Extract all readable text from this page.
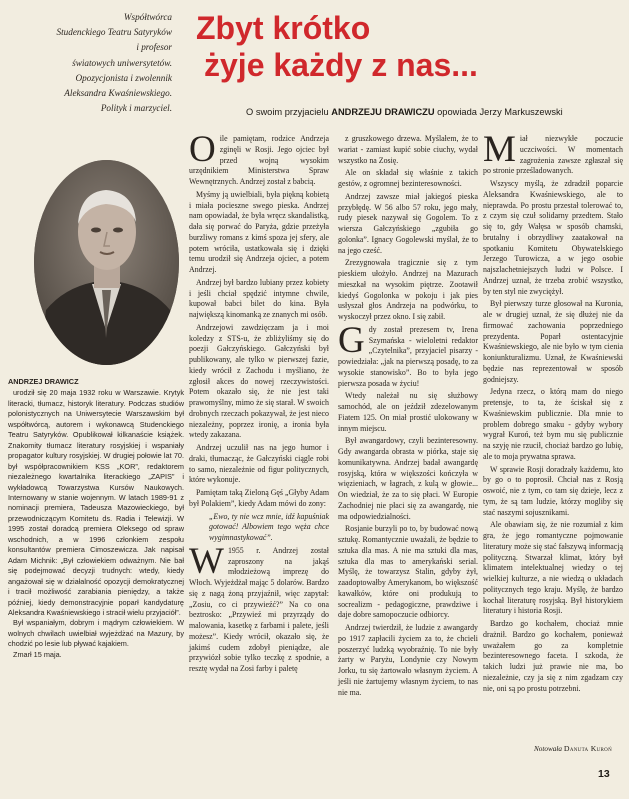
Współtwórca
Studenckiego Teatru Satyryków
i profesor
światowych uniwersytetów.
Opozycjonista i zwolennik
Aleksandra Kwaśniewskiego.
Polityk i marzyciel.
Zbyt krótko
żyje każdy z nas...
O swoim przyjacielu ANDRZEJU DRAWICZU opowiada Jerzy Markuszewski

ANDRZEJ DRAWICZ

urodził się 20 maja 1932 roku w Warszawie. Krytyk literacki, tłumacz, historyk literatury. Podczas studiów polonistycznych na Uniwersytecie Warszawskim był współtwórcą, autorem i wykonawcą Studenckiego Teatru Satyryków. Opublikował kilkanaście książek. Znakomity tłumacz literatury rosyjskiej i wspaniały propagator kultury rosyjskiej. W drugiej połowie lat 70. był współpracownikiem KSS „KOR”, redaktorem niezależnego kwartalnika literackiego „ZAPIS” i wykładowcą Towarzystwa Kursów Naukowych. Internowany w stanie wojennym. W latach 1989-91 z nominacji premiera, Tadeusza Mazowieckiego, był przewodniczącym Komitetu ds. Radia i Telewizji. W 1995 został doradcą premiera Oleksego od spraw wschodnich, a w 1996 członkiem zespołu konsultantów premiera Cimoszewicza. Jak napisał Adam Michnik: „Był człowiekiem odważnym. Nie bał się podejmować decyzji trudnych: wtedy, kiedy angażował się w działalność opozycji demokratycznej i tracił możliwość zarabiania pieniędzy, a także później, kiedy demonstracyjnie poparł kandydaturę Aleksandra Kwaśniewskiego i stracił wielu przyjaciół”.

Był wspaniałym, dobrym i mądrym człowiekiem. W wolnych chwilach uwielbiał wyjeżdżać na Mazury, by chodzić po lesie lub pływać kajakiem.

Zmarł 15 maja.

Oile pamiętam, rodzice Andrzeja zginęli w Rosji. Jego ojciec był przed wojną wysokim urzędnikiem Ministerstwa Spraw Wewnętrznych. Andrzej został z babcią.

Myśmy ją uwielbiali, była piękną kobietą i miała pocieszne swego pieska. Andrzej nam opowiadał, że była wręcz skandalistką, dała się porwać do Paryża, gdzie przeżyła burzliwy romans z kimś spoza jej sfery, ale potem wróciła, ustatkowała się i dzięki temu urodził się Andrzeja ojciec, a potem Andrzej.

Andrzej był bardzo lubiany przez kobiety i jeśli chciał spędzić intymne chwile, kupował babci bilet do kina. Była największą kinomanką ze znanych mi osób.

Andrzejowi zawdzięczam ja i moi koledzy z STS-u, że zbliżyliśmy się do poezji Gałczyńskiego. Gałczyński był publikowany, ale tylko w pierwszej fazie, kiedy wrócił z Zachodu i myśliano, że zgłosił akces do nowej rzeczywistości. Potem okazało się, że nie jest taki prawomyślny, mimo że się starał. W swoich drobnych rzeczach pokazywał, że jest nieco niezależny, poprzez ironię, a ironia była wtedy zakazana.

Andrzej uczulił nas na jego humor i draki, tłumacząc, że Gałczyński ciągle robi to samo, niezależnie od figur politycznych, które wykonuje.

Pamiętam taką Zieloną Gęś „Głyby Adam był Polakiem”, kiedy Adam mówi do zony:

„Ewo, ty nie wcz mnie, idź kapuśniak gotować! Albowiem tego węża chce wygimnastykować”.

W1955 r. Andrzej został zaproszony na jakąś młodzieżową imprezę do Włoch. Wyjeżdżał mając 5 dolarów. Bardzo się z nagą żoną przyjaźnił, więc zapytał: „Zosiu, co ci przywieźć?” Na co ona beztrosko: „Przywieź mi przyrządy do malowania, kasetkę z farbami i palete, jeśli możesz”. Kiedy wrócił, okazało się, że jakimś cudem zdobył pieniądze, ale przywiózł sobie tylko teczkę z spodnie, a resztę wydał na Zosi farby i paletę

z gruszkowego drzewa. Myślałem, że to wariat - zamiast kupić sobie ciuchy, wydał wszystko na Zosię.

Ale on składał się właśnie z takich gestów, z ogromnej bezinteresowności.

Andrzej zawsze miał jakiegoś pieska przybłędę. W 56 albo 57 roku, jego mały, rudy piesek nazywał się Gogolem. To z wiersza Gałczyńskiego „zgubiła go golonka”. Ignacy Gogolewski myślał, że to na jego cześć.

Zrezygnowała tragicznie się z tym pieskiem ułożyło. Andrzej na Mazurach mieszkał na wysokim piętrze. Zootawił kiedyś Gogolonka w pokoju i jak pies usłyszał głos Andrzeja na podwórku, to wyskoczył przez okno. I się zabił.

Gdy został prezesem tv, Irena Szymańska - wieloletni redaktor „Czytelnika”, przyjaciel pisarzy - powiedziała: „jak na pierwszą posadę, to za wysokie stanowisko”. Bo to była jego pierwsza posada w życiu!

Wtedy należał nu się służbowy samochód, ale on jeździł zdezelowanym Fiatem 125. On miał prostić ulokowany w innym miejscu.

Był awangardowy, czyli bezinteresowny. Gdy awangarda obrasta w piórka, staje się komunikatywna. Andrzej badał awangardę rosyjską, która w większości kończyła w więzieniach, w łagrach, z kulą w głowie... On wiedział, że za to się płaci. W Europie Zachodniej nie płaci się za awangardę, nie ma odpowiedzialności.

Rosjanie burzyli po to, by budować nową sztukę. Romantycznie uważali, że będzie to sztuka dla mas. A nie ma sztuki dla mas, sztuka dla mas to amerykański serial. Myślę, że towarzysz Stalin, gdyby żył, zaadoptowałby Amerykanom, bo większość kawałków, które oni produkują to socrealizm - pedagogiczne, prawdziwe i daje dobre samopoczucie odbiorcy.

Andrzej twierdził, że ludzie z awangardy po 1917 zapłacili życiem za to, że chcieli poszerzyć ludzką wyobraźnię. To nie były żarty w Paryżu, Londynie czy Nowym Jorku, tu się żartowało własnym życiem. A jeśli nie żartujemy własnym życiem, to nas nie ma.

Miał niezwykłe poczucie uczciwości. W momentach zagrożenia zawsze zgłaszał się po stronie prześladowanych.

Wszyscy myślą, że zdradził poparcie Aleksandra Kwaśniewskiego, ale to nieprawda. Po prostu przestał tolerować to, z czym się czuł solidarny przedtem. Stało się to, gdy Wałęsa w sposób chamski, brutalny i obrzydliwy zaatakował na spotkaniu Komitetu Obywatelskiego Jerzego Turowicza, a w jego osobie najszlachetniejszych ludzi w Polsce. I Andrzej uznał, że trzeba zrobić wszystko, by ten styl nie zwyciężył.

Był pierwszy turze głosował na Kuronia, ale w drugiej uznał, że się dłużej nie da firmować zachowania poprzedniego prezydenta. Poparł ostentacyjnie Kwaśniewskiego, ale nie było w tym cienia koniunkturalizmu. Uznał, że Kwaśniewski będzie nas reprezentował w sposób godniejszy.

Jedyna rzecz, o którą mam do niego pretensje, to ta, że ściskał się z Kwaśniewskim publicznie. Dla mnie to problem dobrego smaku - gdyby wybory wygrał Kuroń, też bym mu się publicznie na szyję nie rzucił, chociaż bardzo go lubię, ale to moja prywatna sprawa.

W sprawie Rosji doradzały każdemu, kto by go o to poprosił. Chciał nas z Rosją oswoić, nie z tym, co tam się dzieje, lecz z tym, że są tam ludzie, którzy mogliby się stać naszymi sojusznikami.

Ale obawiam się, że nie rozumiał z kim gra, że jego romantyczne pojmowanie literatury może się stać fałszywą informacją polityczną. Stwarzał klimat, który był klimatem intelektualnej wiedzy o tej wielkiej kulturze, a nie wiedzą o układach politycznych tego kraju. Myślę, że bardzo kochał literaturę rosyjską. Był historykiem literatury i historia Rosji.

Bardzo go kochałem, chociaż mnie drażnił. Bardzo go kochałem, ponieważ uważałem go za kompletnie bezinteresownego faceta. I szkoda, że takich ludzi już prawie nie ma, bo niezależnie, czy ja się z nim zgadzam czy nie, oni są po prostu potrzebni.

Notowała Danuta Kuroń
13
